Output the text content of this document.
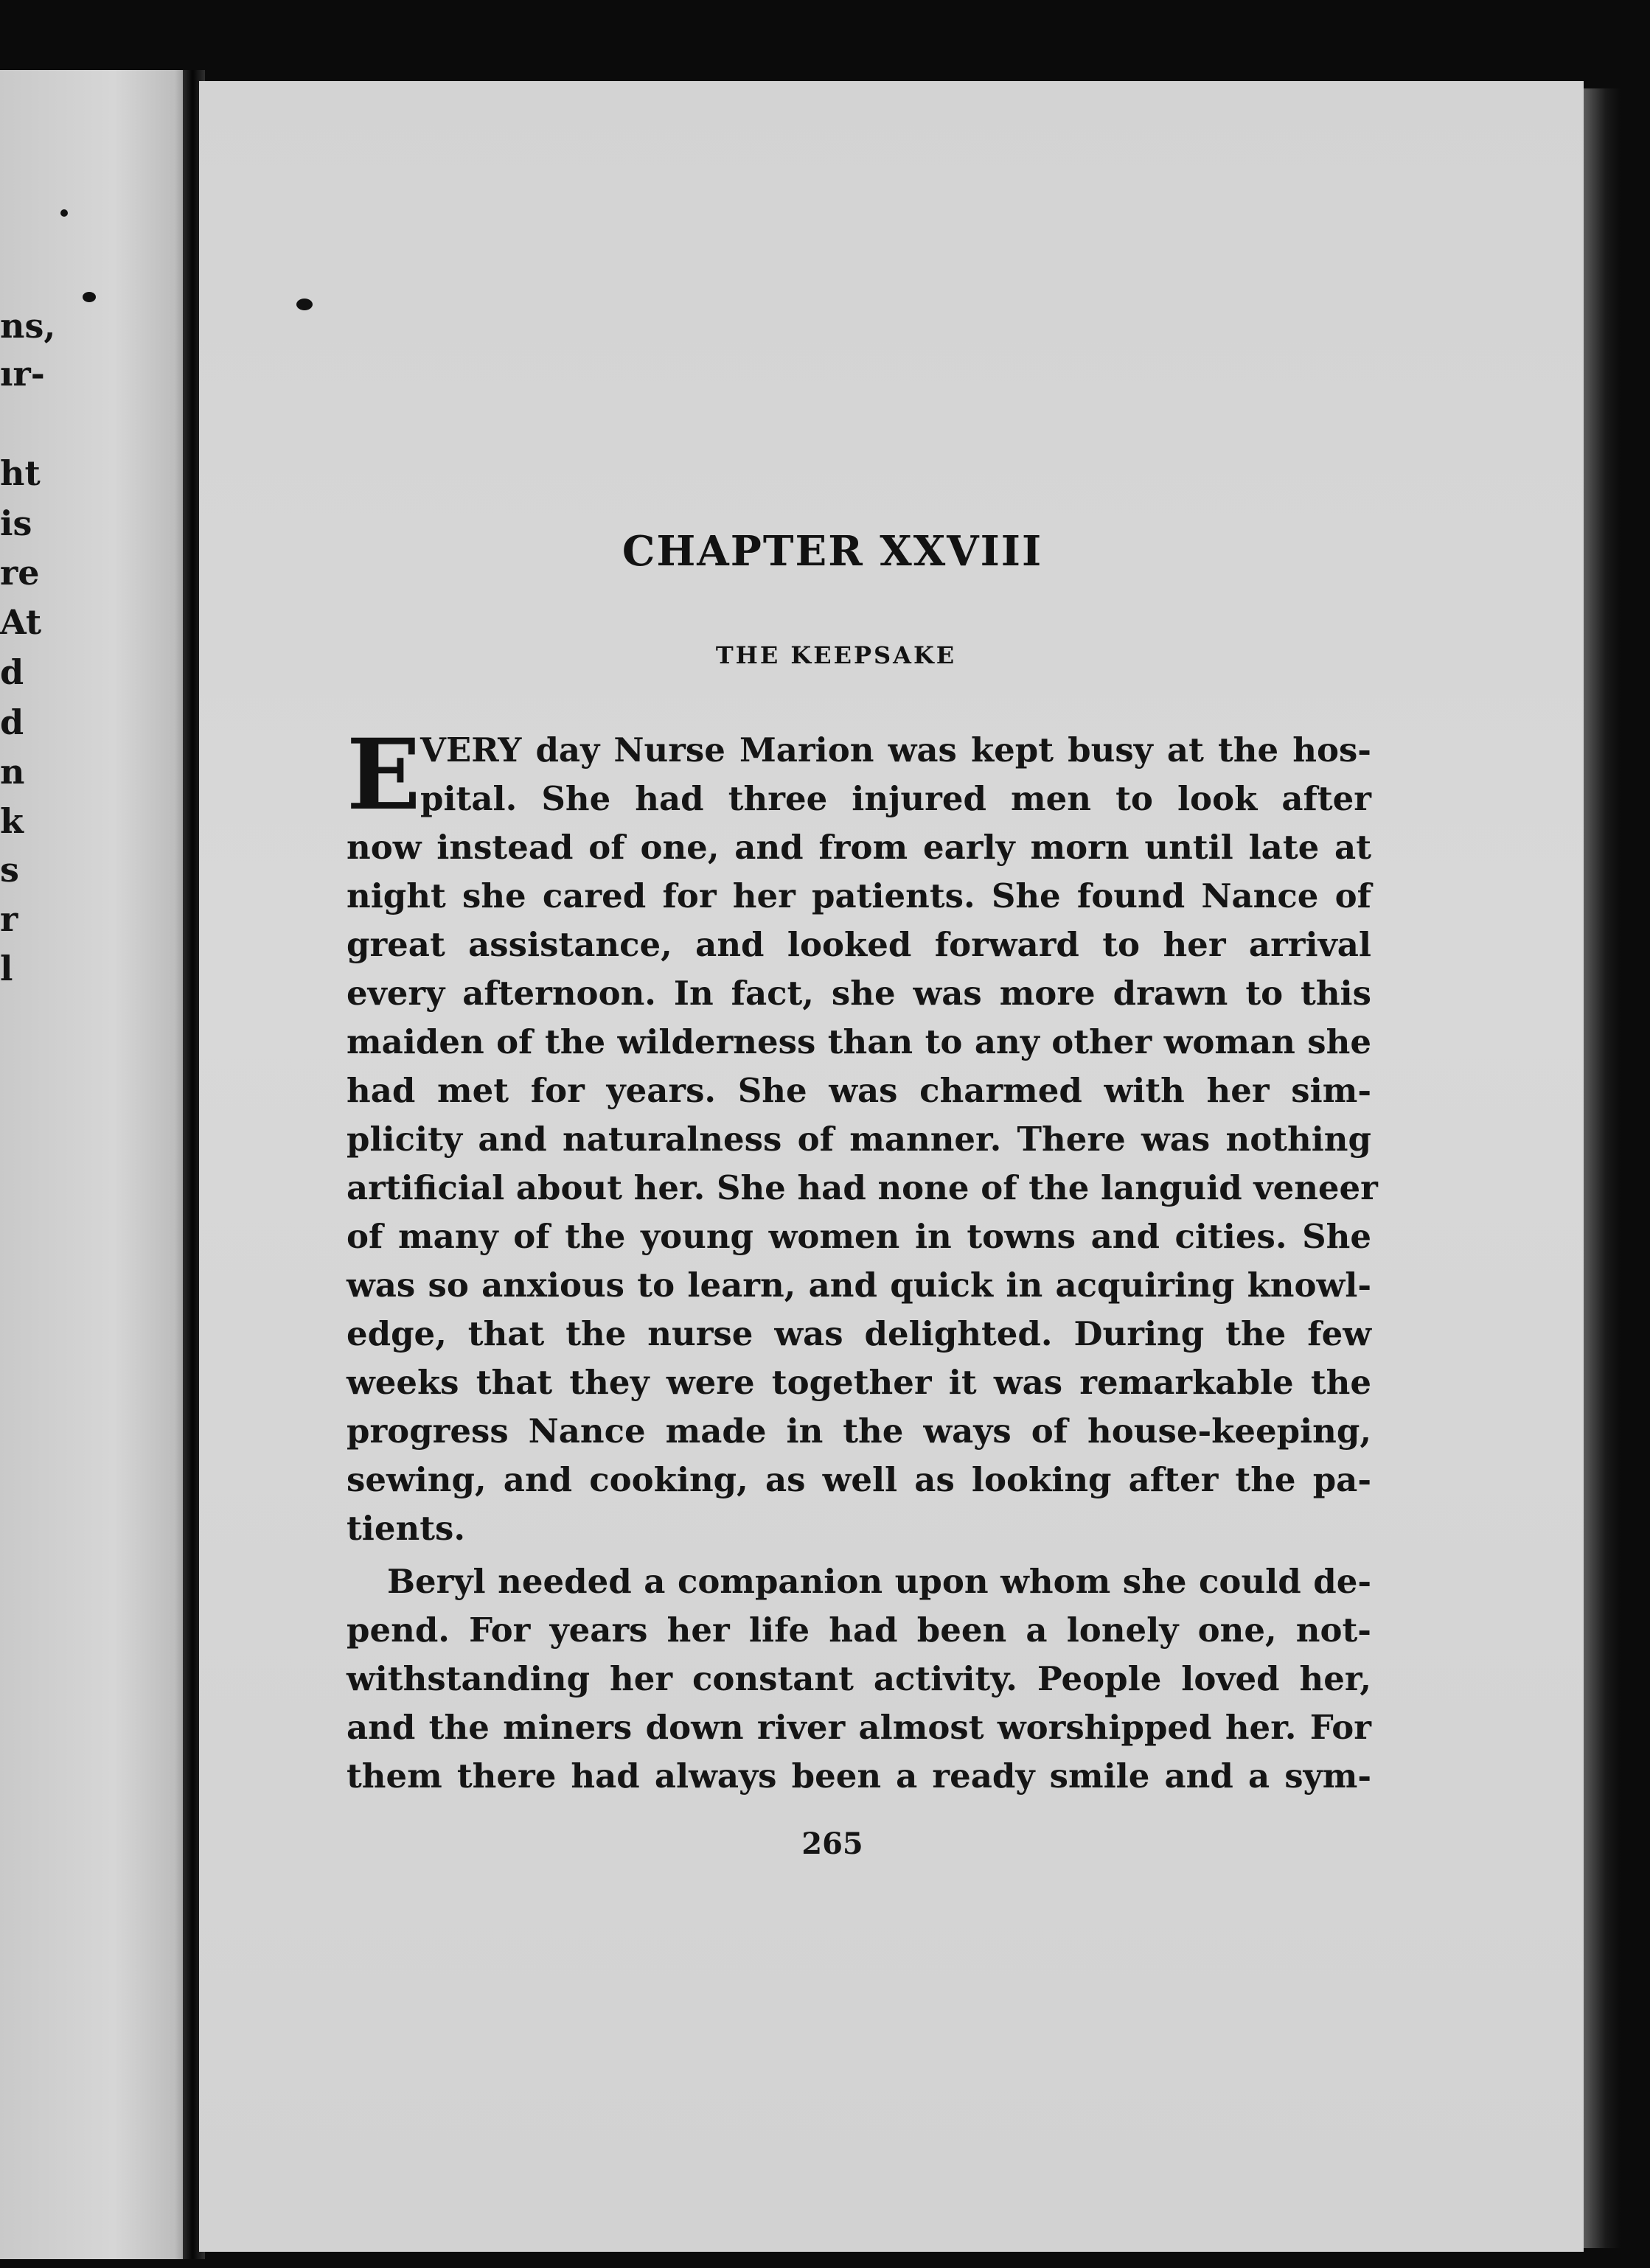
ns,
ır-
ht
is
re
At
d
d
n
k
s
r
l
CHAPTER XXVIII
THE KEEPSAKE
E VERY day Nurse Marion was kept busy at the hos-
pital. She had three injured men to look after
now instead of one, and from early morn until late at
night she cared for her patients. She found Nance of
great assistance, and looked forward to her arrival
every afternoon. In fact, she was more drawn to this
maiden of the wilderness than to any other woman she
had met for years. She was charmed with her sim-
plicity and naturalness of manner. There was nothing
artificial about her. She had none of the languid veneer
of many of the young women in towns and cities. She
was so anxious to learn, and quick in acquiring knowl-
edge, that the nurse was delighted. During the few
weeks that they were together it was remarkable the
progress Nance made in the ways of house-keeping,
sewing, and cooking, as well as looking after the pa-
tients.
Beryl needed a companion upon whom she could de-
pend. For years her life had been a lonely one, not-
withstanding her constant activity. People loved her,
and the miners down river almost worshipped her. For
them there had always been a ready smile and a sym-
265
